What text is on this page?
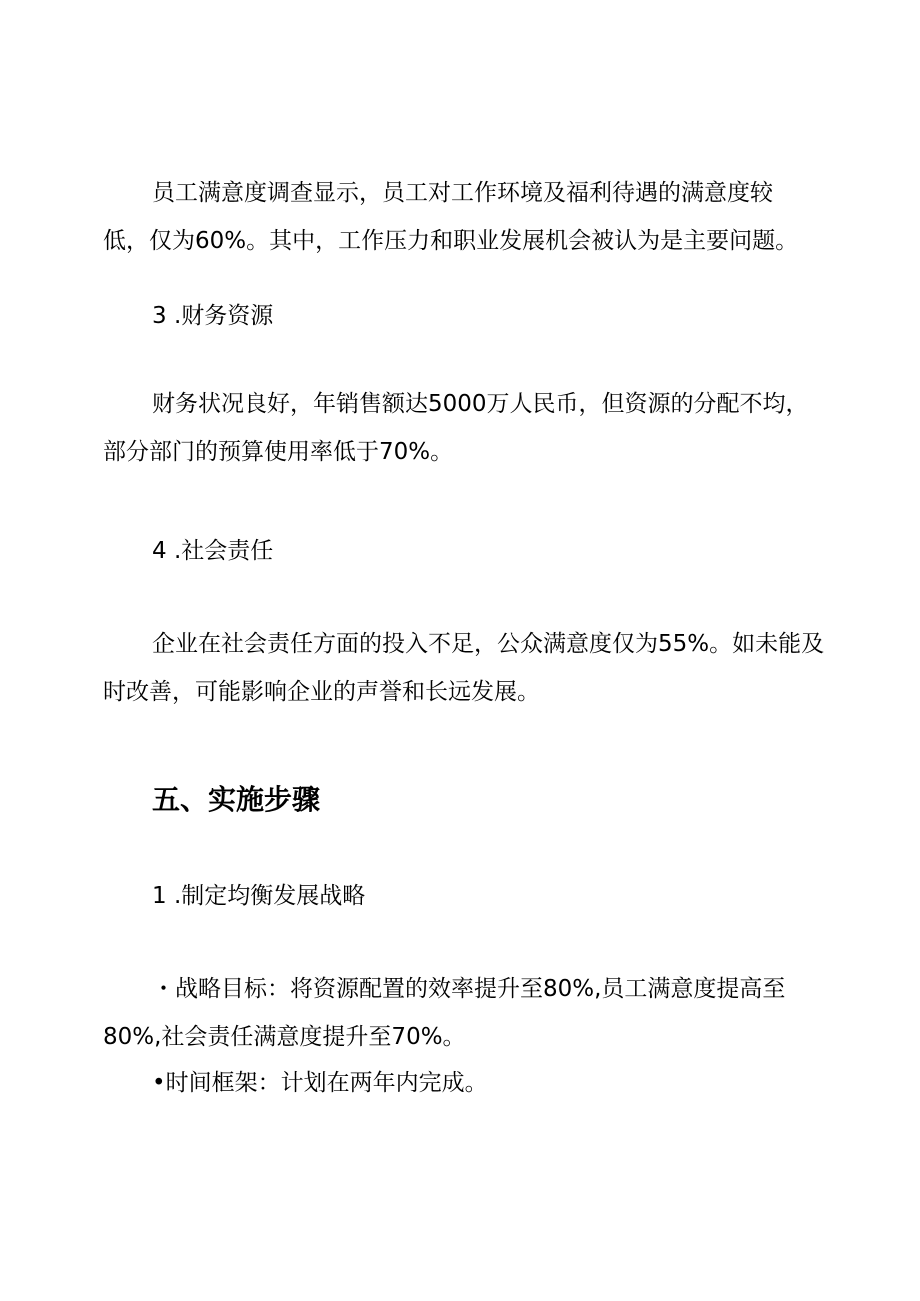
员工满意度调查显示，员工对工作环境及福利待遇的满意度较

低，仅为60%。其中，工作压力和职业发展机会被认为是主要问题。

3 .财务资源

财务状况良好，年销售额达5000万人民币，但资源的分配不均，

部分部门的预算使用率低于70%。

4 .社会责任

企业在社会责任方面的投入不足，公众满意度仅为55%。如未能及

时改善，可能影响企业的声誉和长远发展。

五、实施步骤

1 .制定均衡发展战略

・战略目标：将资源配置的效率提升至80%,员工满意度提高至

80%,社会责任满意度提升至70%。

•时间框架：计划在两年内完成。
